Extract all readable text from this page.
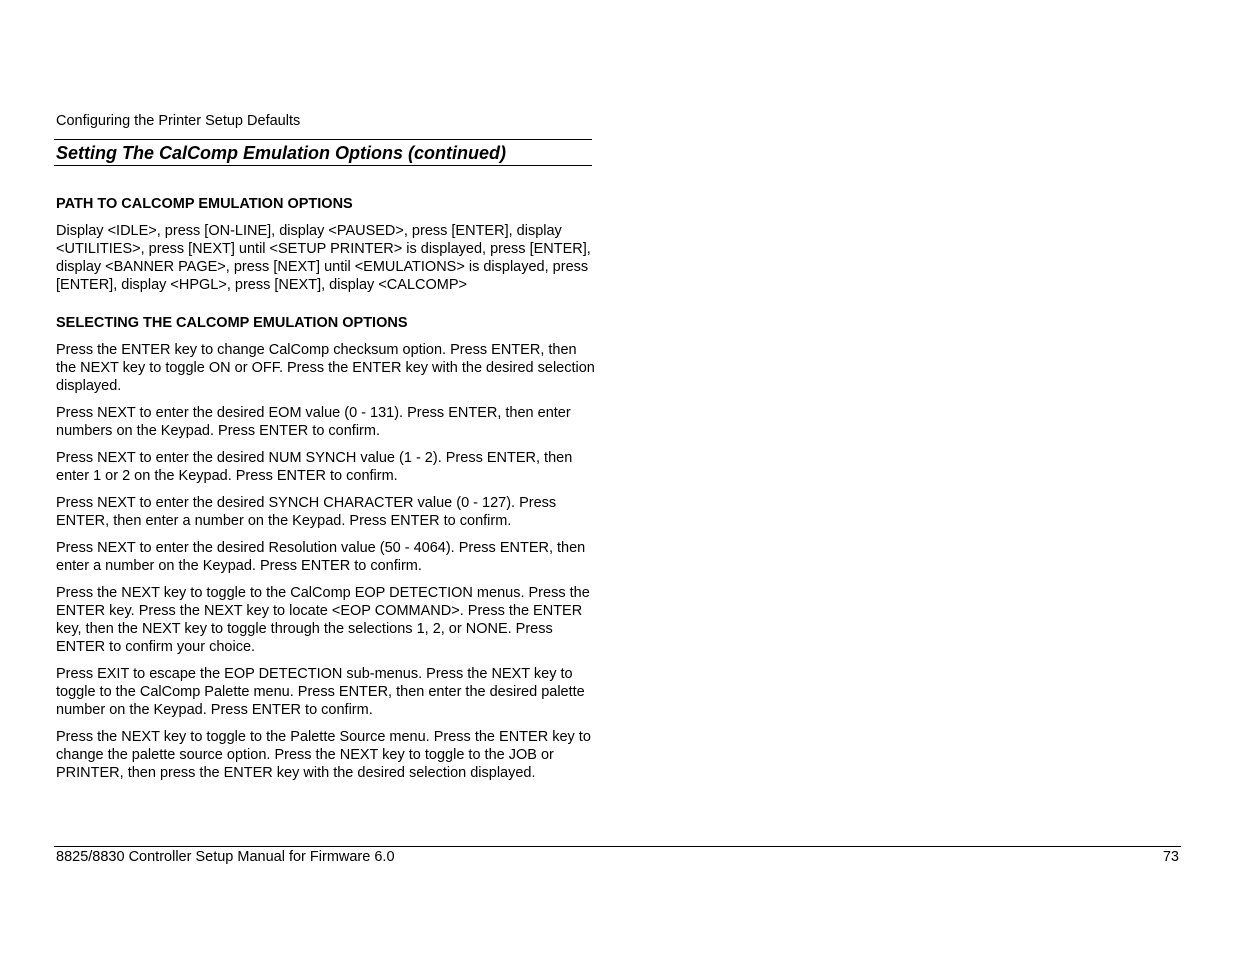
Configuring the Printer Setup Defaults
Setting The CalComp Emulation Options (continued)
PATH TO CALCOMP EMULATION OPTIONS

Display <IDLE>, press [ON-LINE], display <PAUSED>, press [ENTER], display <UTILITIES>, press [NEXT] until <SETUP PRINTER> is displayed, press [ENTER], display <BANNER PAGE>, press [NEXT] until <EMULATIONS> is displayed, press [ENTER], display <HPGL>, press [NEXT], display <CALCOMP>

SELECTING THE CALCOMP EMULATION OPTIONS

Press the ENTER key to change CalComp checksum option. Press ENTER, then the NEXT key to toggle ON or OFF. Press the ENTER key with the desired selection displayed.

Press NEXT to enter the desired EOM value (0 - 131). Press ENTER, then enter numbers on the Keypad. Press ENTER to confirm.

Press NEXT to enter the desired NUM SYNCH value (1 - 2). Press ENTER, then enter 1 or 2 on the Keypad. Press ENTER to confirm.

Press NEXT to enter the desired SYNCH CHARACTER value (0 - 127). Press ENTER, then enter a number on the Keypad. Press ENTER to confirm.

Press NEXT to enter the desired Resolution value (50 - 4064). Press ENTER, then enter a number on the Keypad. Press ENTER to confirm.

Press the NEXT key to toggle to the CalComp EOP DETECTION menus. Press the ENTER key. Press the NEXT key to locate <EOP COMMAND>. Press the ENTER key, then the NEXT key to toggle through the selections 1, 2, or NONE. Press ENTER to confirm your choice.

Press EXIT to escape the EOP DETECTION sub-menus. Press the NEXT key to toggle to the CalComp Palette menu. Press ENTER, then enter the desired palette number on the Keypad. Press ENTER to confirm.

Press the NEXT key to toggle to the Palette Source menu. Press the ENTER key to change the palette source option. Press the NEXT key to toggle to the JOB or PRINTER, then press the ENTER key with the desired selection displayed.

8825/8830 Controller Setup Manual for Firmware 6.0	73
